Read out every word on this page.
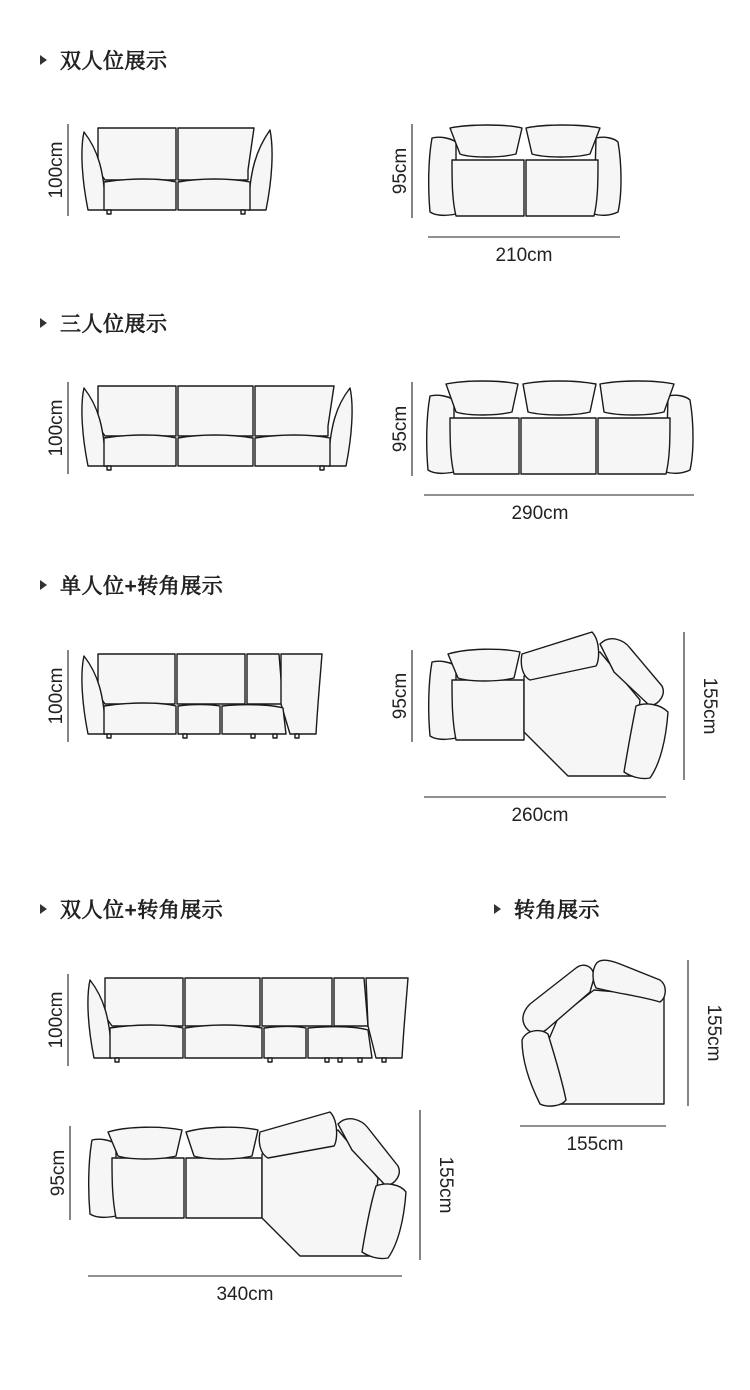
双人位展示
三人位展示
单人位+转角展示
双人位+转角展示	转角展示
100cm	95cm
210cm
100cm	95cm
290cm
100cm	95cm	155cm
260cm
100cm
95cm	155cm
340cm
155cm
155cm
